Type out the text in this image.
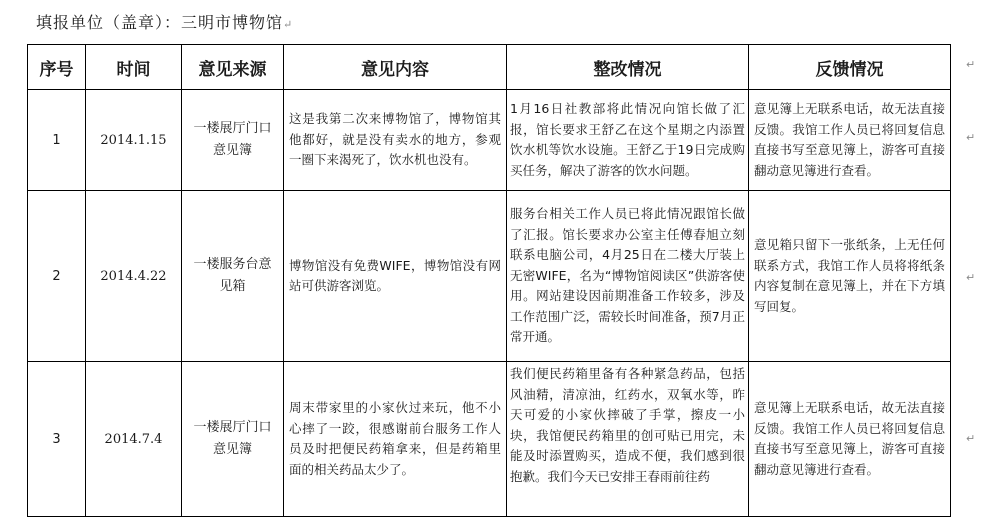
填报单位（盖章）：三明市博物馆↵
序号	时间	意见来源	意见内容	整改情况	反馈情况
1	2014.1.15	一楼展厅门口意见簿	这是我第二次来博物馆了，博物馆其他都好，就是没有卖水的地方，参观一圈下来渴死了，饮水机也没有。	1月16日社教部将此情况向馆长做了汇报，馆长要求王舒乙在这个星期之内添置饮水机等饮水设施。王舒乙于19日完成购买任务，解决了游客的饮水问题。	意见簿上无联系电话，故无法直接反馈。我馆工作人员已将回复信息直接书写至意见簿上，游客可直接翻动意见簿进行查看。

2	2014.4.22	一楼服务台意见箱	博物馆没有免费WIFE，博物馆没有网站可供游客浏览。	服务台相关工作人员已将此情况跟馆长做了汇报。馆长要求办公室主任傅春旭立刻联系电脑公司，4月25日在二楼大厅装上无密WIFE，名为“博物馆阅读区”供游客使用。网站建设因前期准备工作较多，涉及工作范围广泛，需较长时间准备，预7月正常开通。	意见箱只留下一张纸条，上无任何联系方式，我馆工作人员将将纸条内容复制在意见簿上，并在下方填写回复。

3	2014.7.4	一楼展厅门口意见簿	周末带家里的小家伙过来玩，他不小心摔了一跤，很感谢前台服务工作人员及时把便民药箱拿来，但是药箱里面的相关药品太少了。	我们便民药箱里备有各种紧急药品，包括风油精，清凉油，红药水，双氧水等，昨天可爱的小家伙摔破了手掌，擦皮一小块，我馆便民药箱里的创可贴已用完，未能及时添置购买，造成不便，我们感到很抱歉。我们今天已安排王春雨前往药	意见簿上无联系电话，故无法直接反馈。我馆工作人员已将回复信息直接书写至意见簿上，游客可直接翻动意见簿进行查看。
↵
↵
↵
↵
